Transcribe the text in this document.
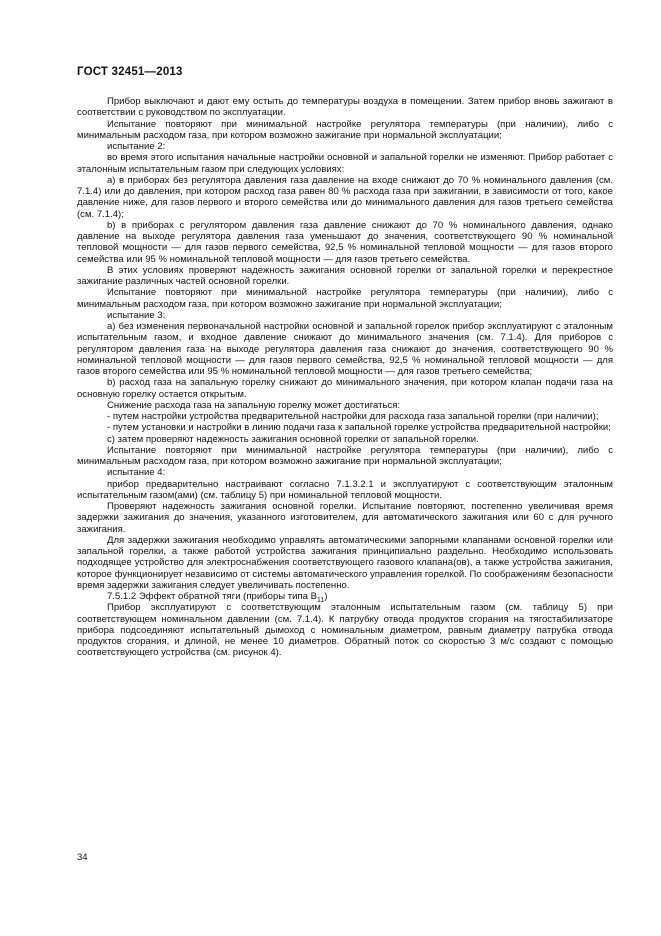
ГОСТ 32451—2013

Прибор выключают и дают ему остыть до температуры воздуха в помещении. Затем прибор вновь зажигают в соответствии с руководством по эксплуатации.

Испытание повторяют при минимальной настройке регулятора температуры (при наличии), либо с минимальным расходом газа, при котором возможно зажигание при нормальной эксплуатации;

испытание 2:

во время этого испытания начальные настройки основной и запальной горелки не изменяют. Прибор работает с эталонным испытательным газом при следующих условиях:

a) в приборах без регулятора давления газа давление на входе снижают до 70 % номинального давления (см. 7.1.4) или до давления, при котором расход газа равен 80 % расхода газа при зажигании, в зависимости от того, какое давление ниже, для газов первого и второго семейства или до минимального давления для газов третьего семейства (см. 7.1.4);

b) в приборах с регулятором давления газа давление снижают до 70 % номинального давления, однако давление на выходе регулятора давления газа уменьшают до значения, соответствующего 90 % номинальной тепловой мощности — для газов первого семейства, 92,5 % номинальной тепловой мощности — для газов второго семейства или 95 % номинальной тепловой мощности — для газов третьего семейства.

В этих условиях проверяют надежность зажигания основной горелки от запальной горелки и перекрестное зажигание различных частей основной горелки.

Испытание повторяют при минимальной настройке регулятора температуры (при наличии), либо с минимальным расходом газа, при котором возможно зажигание при нормальной эксплуатации;

испытание 3:

a) без изменения первоначальной настройки основной и запальной горелок прибор эксплуатируют с эталонным испытательным газом, и входное давление снижают до минимального значения (см. 7.1.4). Для приборов с регулятором давления газа на выходе регулятора давления газа снижают до значения, соответствующего 90 % номинальной тепловой мощности — для газов первого семейства, 92,5 % номинальной тепловой мощности — для газов второго семейства или 95 % номинальной тепловой мощности — для газов третьего семейства;

b) расход газа на запальную горелку снижают до минимального значения, при котором клапан подачи газа на основную горелку остается открытым.

Снижение расхода газа на запальную горелку может достигаться:

- путем настройки устройства предварительной настройки для расхода газа запальной горелки (при наличии);

- путем установки и настройки в линию подачи газа к запальной горелке устройства предварительной настройки;

c) затем проверяют надежность зажигания основной горелки от запальной горелки.

Испытание повторяют при минимальной настройке регулятора температуры (при наличии), либо с минимальным расходом газа, при котором возможно зажигание при нормальной эксплуатации;

испытание 4:

прибор предварительно настраивают согласно 7.1.3.2.1 и эксплуатируют с соответствующим эталонным испытательным газом(ами) (см. таблицу 5) при номинальной тепловой мощности.

Проверяют надежность зажигания основной горелки. Испытание повторяют, постепенно увеличивая время задержки зажигания до значения, указанного изготовителем, для автоматического зажигания или 60 с для ручного зажигания.

Для задержки зажигания необходимо управлять автоматическими запорными клапанами основной горелки или запальной горелки, а также работой устройства зажигания принципиально раздельно. Необходимо использовать подходящее устройство для электроснабжения соответствующего газового клапана(ов), а также устройства зажигания, которое функционирует независимо от системы автоматического управления горелкой. По соображениям безопасности время задержки зажигания следует увеличивать постепенно.

7.5.1.2 Эффект обратной тяги (приборы типа $B_{11}$)

Прибор эксплуатируют с соответствующим эталонным испытательным газом (см. таблицу 5) при соответствующем номинальном давлении (см. 7.1.4). К патрубку отвода продуктов сгорания на тягостабилизаторе прибора подсоединяют испытательный дымоход с номинальным диаметром, равным диаметру патрубка отвода продуктов сгорания, и длиной, не менее 10 диаметров. Обратный поток со скоростью 3 м/с создают с помощью соответствующего устройства (см. рисунок 4).

34
